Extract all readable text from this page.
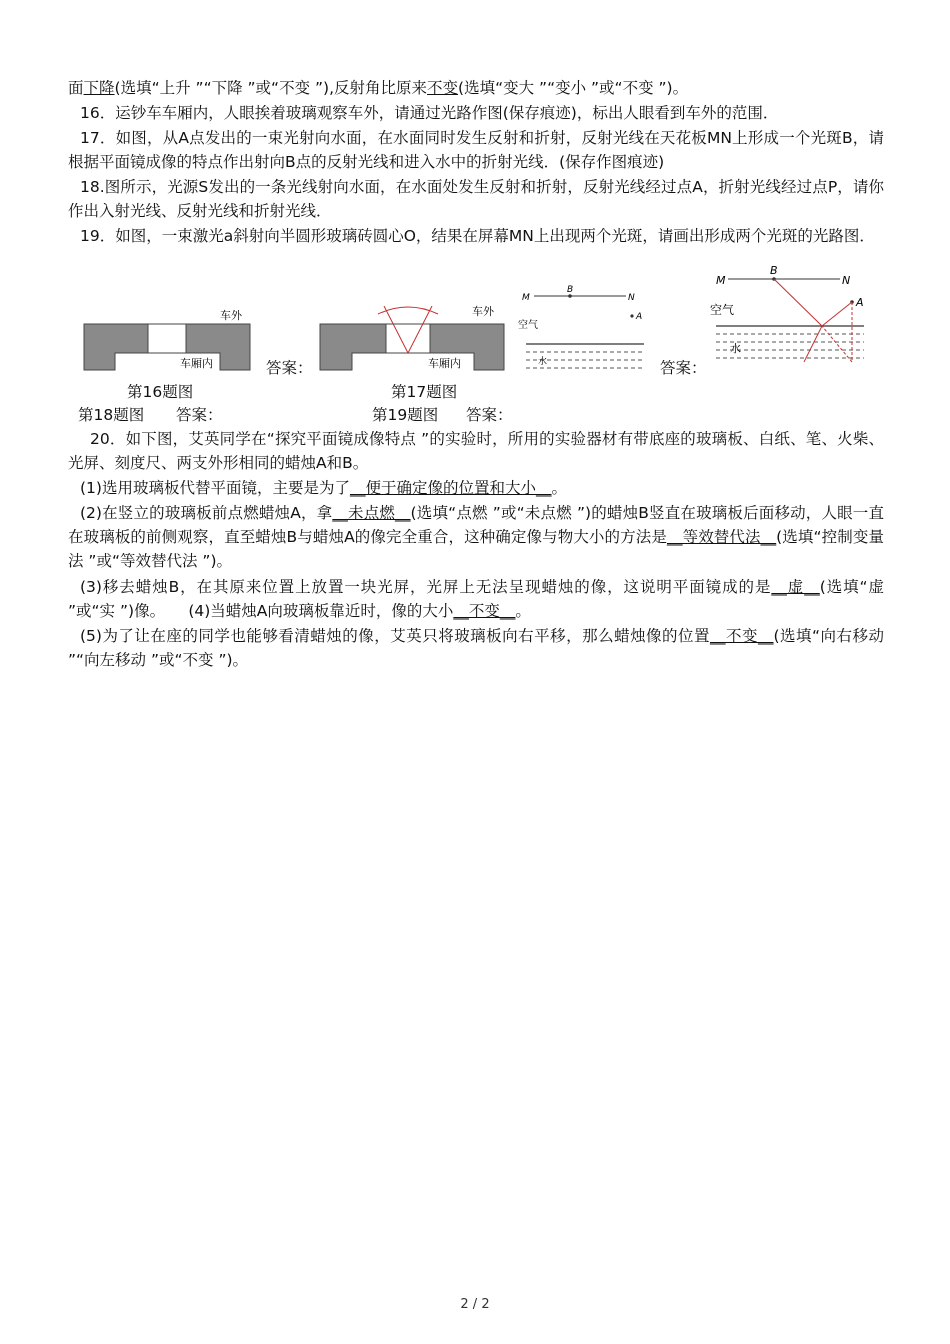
面下降(选填“上升 ”“下降 ”或“不变 ”),反射角比原来不变(选填“变大 ”“变小 ”或“不变 ”)。

16．运钞车车厢内，人眼挨着玻璃观察车外，请通过光路作图(保存痕迹)，标出人眼看到车外的范围．

17．如图，从A点发出的一束光射向水面，在水面同时发生反射和折射，反射光线在天花板MN上形成一个光斑B，请根据平面镜成像的特点作出射向B点的反射光线和进入水中的折射光线．(保存作图痕迹)

18.图所示，光源S发出的一条光线射向水面，在水面处发生反射和折射，反射光线经过点A，折射光线经过点P，请你作出入射光线、反射光线和折射光线．

19．如图，一束激光a斜射向半圆形玻璃砖圆心O，结果在屏幕MN上出现两个光斑，请画出形成两个光斑的光路图．

车外
车厢内	答案：
车外
车厢内
M
B
N
A
空气
水	答案：
M
B
N
A
空气
水
第16题图	第17题图
第18题图 答案：	第19题图 答案：

20．如下图，艾英同学在“探究平面镜成像特点 ”的实验时，所用的实验器材有带底座的玻璃板、白纸、笔、火柴、光屏、刻度尺、两支外形相同的蜡烛A和B。

(1)选用玻璃板代替平面镜，主要是为了__便于确定像的位置和大小__。

(2)在竖立的玻璃板前点燃蜡烛A，拿__未点燃__(选填“点燃 ”或“未点燃 ”)的蜡烛B竖直在玻璃板后面移动，人眼一直在玻璃板的前侧观察，直至蜡烛B与蜡烛A的像完全重合，这种确定像与物大小的方法是__等效替代法__(选填“控制变量法 ”或“等效替代法 ”)。

(3)移去蜡烛B，在其原来位置上放置一块光屏，光屏上无法呈现蜡烛的像，这说明平面镜成的是__虚__(选填“虚 ”或“实 ”)像。　　 (4)当蜡烛A向玻璃板靠近时，像的大小__不变__。

(5)为了让在座的同学也能够看清蜡烛的像，艾英只将玻璃板向右平移，那么蜡烛像的位置__不变__(选填“向右移动 ”“向左移动 ”或“不变 ”)。

2 / 2
